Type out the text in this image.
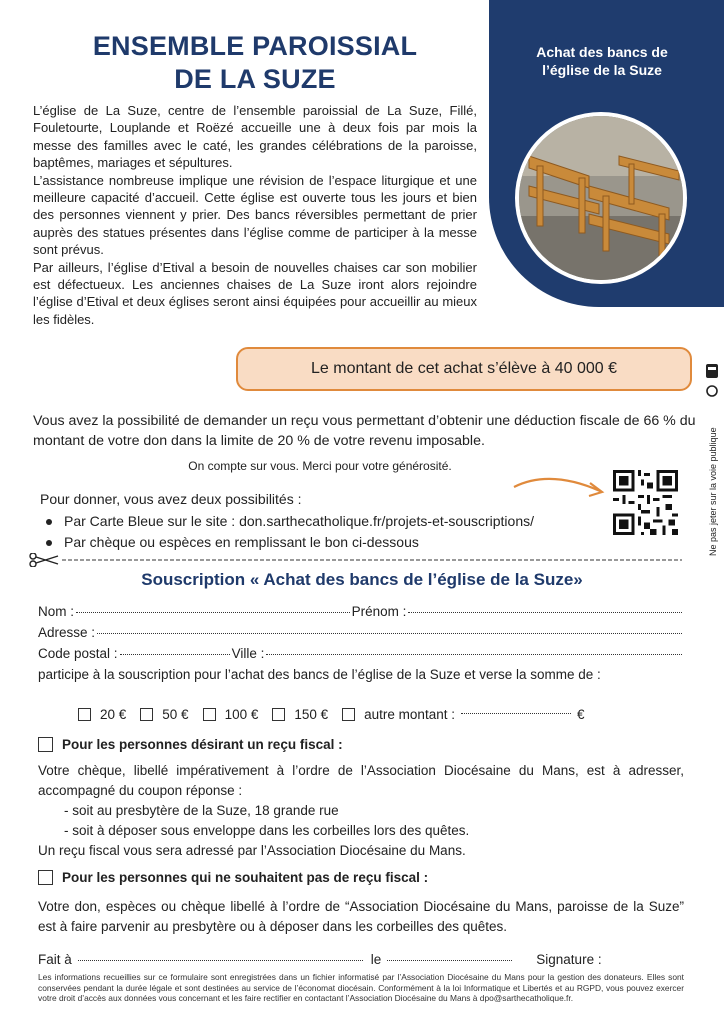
ENSEMBLE PAROISSIAL
DE LA SUZE

L’église de La Suze, centre de l’ensemble paroissial de La Suze, Fillé, Fouletourte, Louplande et Roëzé accueille une à deux fois par mois la messe des familles avec le caté, les grandes célébrations de la paroisse, baptêmes, mariages et sépultures.

L’assistance nombreuse implique une révision de l’espace liturgique et une meilleure capacité d’accueil. Cette église est ouverte tous les jours et bien des personnes viennent y prier. Des bancs réversibles permettant de prier auprès des statues présentes dans l’église comme de participer à la messe sont prévus.

Par ailleurs, l’église d’Etival a besoin de nouvelles chaises car son mobilier est défectueux. Les anciennes chaises de La Suze iront alors rejoindre l’église d’Etival et deux églises seront ainsi équipées pour accueillir au mieux les fidèles.

Achat des bancs de
l’église de la Suze
Le montant de cet achat s’élève à 40 000 €

Vous avez la possibilité de demander un reçu vous permettant d’obtenir une déduction fiscale de 66 % du montant de votre don dans la limite de 20 % de votre revenu imposable.

On compte sur vous. Merci pour votre générosité.
Pour donner, vous avez deux possibilités :
Par Carte Bleue sur le site : don.sarthecatholique.fr/projets-et-souscriptions/
Par chèque ou espèces en remplissant le bon ci-dessous	Ne pas jeter sur la voie publique
Souscription « Achat des bancs de l’église de la Suze»
Nom :	Prénom :
Adresse :
Code postal :	Ville :
participe à la souscription pour l’achat des bancs de l’église de la Suze et verse la somme de :
20 €	50 €	100 €	150 €	autre montant :	€
Pour les personnes désirant un reçu fiscal :

Votre chèque, libellé impérativement à l’ordre de l’Association Diocésaine du Mans, est à adresser, accompagné du coupon réponse :

- soit au presbytère de la Suze, 18 grande rue

- soit à déposer sous enveloppe dans les corbeilles lors des quêtes.

Un reçu fiscal vous sera adressé par l’Association Diocésaine du Mans.

Pour les personnes qui ne souhaitent pas de reçu fiscal :

Votre don, espèces ou chèque libellé à l’ordre de “Association Diocésaine du Mans, paroisse de la Suze” est à faire parvenir au presbytère ou à déposer dans les corbeilles des quêtes.

Fait à	le	Signature :
Les informations recueillies sur ce formulaire sont enregistrées dans un fichier informatisé par l’Association Diocésaine du Mans pour la gestion des donateurs. Elles sont conservées pendant la durée légale et sont destinées au service de l’économat diocésain. Conformément à la loi Informatique et Libertés et au RGPD, vous pouvez exercer votre droit d’accès aux données vous concernant et les faire rectifier en contactant l’Association Diocésaine du Mans à dpo@sarthecatholique.fr.
